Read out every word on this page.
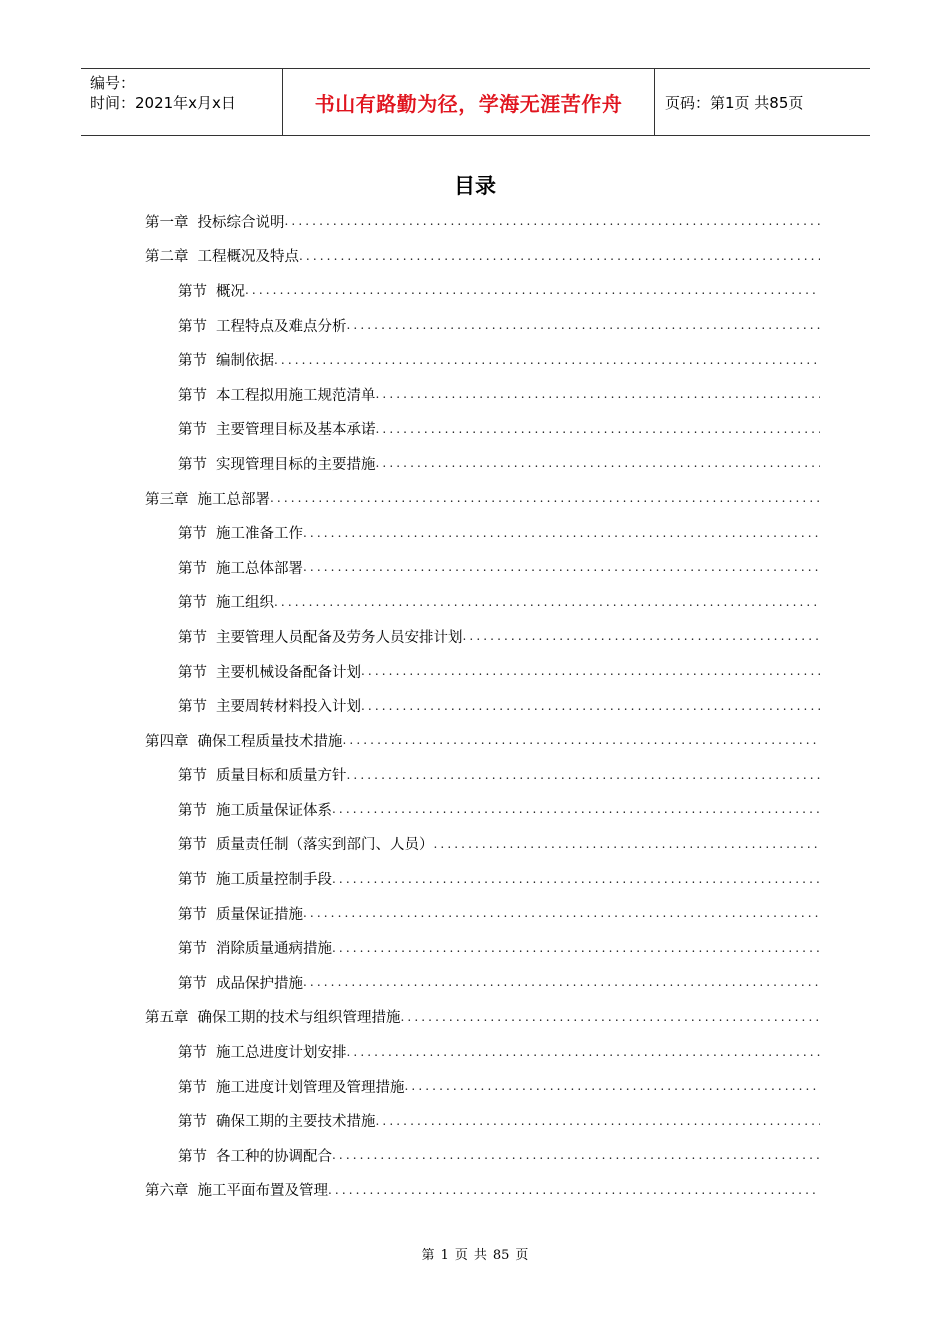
编号：
时间：2021年x月x日	书山有路勤为径，学海无涯苦作舟	页码：第1页 共85页
目录
第一章 投标综合说明
.....
第二章 工程概况及特点
.....
第节 概况
.....
第节 工程特点及难点分析
.....
第节 编制依据
.....
第节 本工程拟用施工规范清单
.....
第节 主要管理目标及基本承诺
.....
第节 实现管理目标的主要措施
.....
第三章 施工总部署
.....
第节 施工准备工作
.....
第节 施工总体部署
.....
第节 施工组织
.....
第节 主要管理人员配备及劳务人员安排计划
.....
第节 主要机械设备配备计划
.....
第节 主要周转材料投入计划
.....
第四章 确保工程质量技术措施
.....
第节 质量目标和质量方针
.....
第节 施工质量保证体系
.....
第节 质量责任制（落实到部门、人员）
.....
第节 施工质量控制手段
.....
第节 质量保证措施
.....
第节 消除质量通病措施
.....
第节 成品保护措施
.....
第五章 确保工期的技术与组织管理措施
.....
第节 施工总进度计划安排
.....
第节 施工进度计划管理及管理措施
.....
第节 确保工期的主要技术措施
.....
第节 各工种的协调配合
.....
第六章 施工平面布置及管理
.....
第 1 页 共 85 页
